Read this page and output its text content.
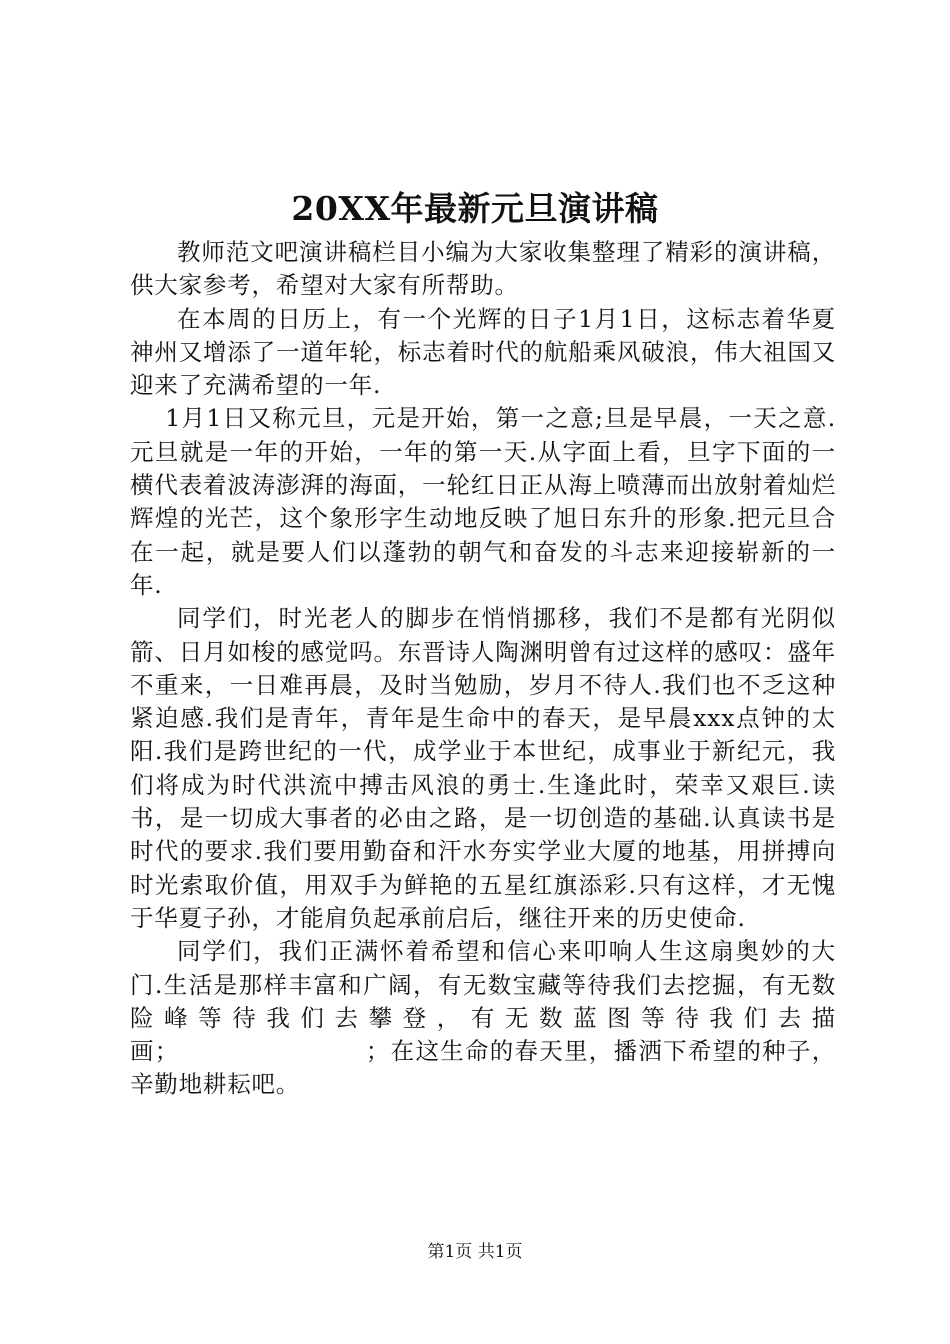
20XX年最新元旦演讲稿

教师范文吧演讲稿栏目小编为大家收集整理了精彩的演讲稿，供大家参考，希望对大家有所帮助。

在本周的日历上，有一个光辉的日子1月1日，这标志着华夏神州又增添了一道年轮，标志着时代的航船乘风破浪，伟大祖国又迎来了充满希望的一年.

1月1日又称元旦，元是开始，第一之意;旦是早晨，一天之意.元旦就是一年的开始，一年的第一天.从字面上看，旦字下面的一横代表着波涛澎湃的海面，一轮红日正从海上喷薄而出放射着灿烂辉煌的光芒，这个象形字生动地反映了旭日东升的形象.把元旦合在一起，就是要人们以蓬勃的朝气和奋发的斗志来迎接崭新的一年.

同学们，时光老人的脚步在悄悄挪移，我们不是都有光阴似箭、日月如梭的感觉吗。东晋诗人陶渊明曾有过这样的感叹：盛年不重来，一日难再晨，及时当勉励，岁月不待人.我们也不乏这种紧迫感.我们是青年，青年是生命中的春天，是早晨xxx点钟的太阳.我们是跨世纪的一代，成学业于本世纪，成事业于新纪元，我们将成为时代洪流中搏击风浪的勇士.生逢此时，荣幸又艰巨.读书，是一切成大事者的必由之路，是一切创造的基础.认真读书是时代的要求.我们要用勤奋和汗水夯实学业大厦的地基，用拼搏向时光索取价值，用双手为鲜艳的五星红旗添彩.只有这样，才无愧于华夏子孙，才能肩负起承前启后，继往开来的历史使命.

同学们，我们正满怀着希望和信心来叩响人生这扇奥妙的大门.生活是那样丰富和广阔，有无数宝藏等待我们去挖掘，有无数险峰等待我们去攀登，有无数蓝图等待我们去描画；　　　　　　　　；在这生命的春天里，播洒下希望的种子，辛勤地耕耘吧。

第1页 共1页
